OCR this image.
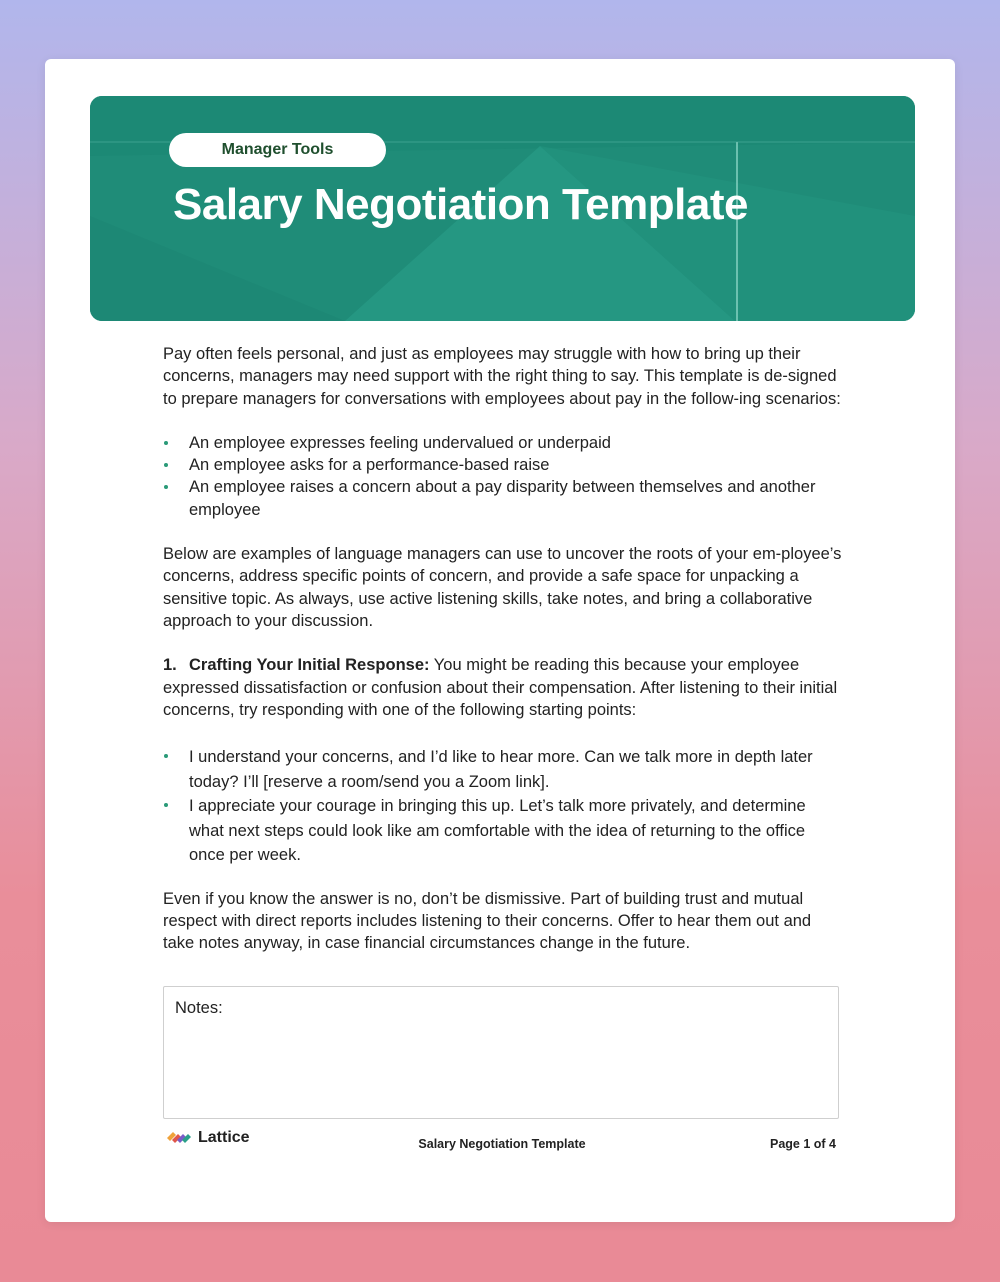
Manager Tools
Salary Negotiation Template

Pay often feels personal, and just as employees may struggle with how to bring up their concerns, managers may need support with the right thing to say. This template is de-signed to prepare managers for conversations with employees about pay in the follow-ing scenarios:

An employee expresses feeling undervalued or underpaid
An employee asks for a performance-based raise
An employee raises a concern about a pay disparity between themselves and another employee

Below are examples of language managers can use to uncover the roots of your em-ployee’s concerns, address specific points of concern, and provide a safe space for unpacking a sensitive topic. As always, use active listening skills, take notes, and bring a collaborative approach to your discussion.

1. Crafting Your Initial Response: You might be reading this because your employee expressed dissatisfaction or confusion about their compensation. After listening to their initial concerns, try responding with one of the following starting points:

I understand your concerns, and I’d like to hear more. Can we talk more in depth later today? I’ll [reserve a room/send you a Zoom link].
I appreciate your courage in bringing this up. Let’s talk more privately, and determine what next steps could look like am comfortable with the idea of returning to the office once per week.

Even if you know the answer is no, don’t be dismissive. Part of building trust and mutual respect with direct reports includes listening to their concerns. Offer to hear them out and take notes anyway, in case financial circumstances change in the future.

Notes:
Lattice	Salary Negotiation Template	Page 1 of 4
